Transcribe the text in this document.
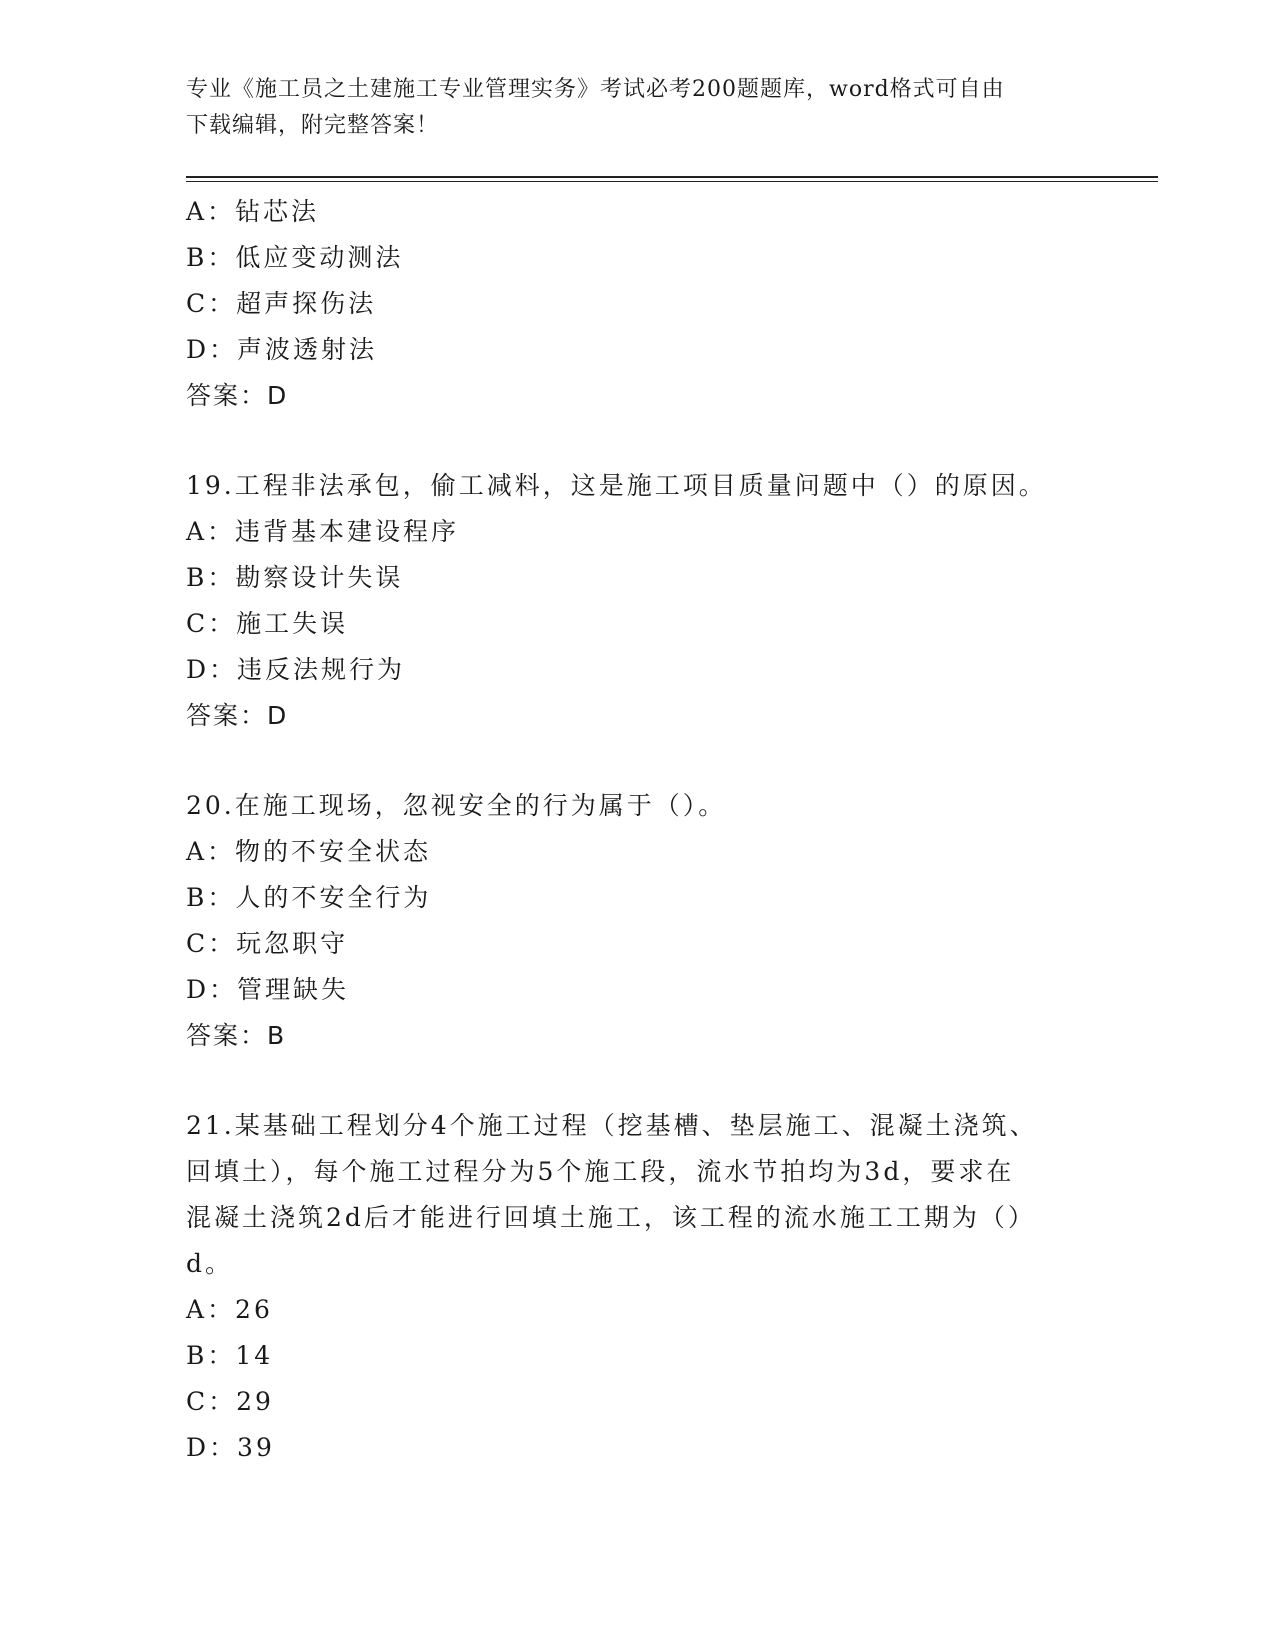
专业《施工员之土建施工专业管理实务》考试必考200题题库，word格式可自由
下载编辑，附完整答案！
A：钻芯法
B：低应变动测法
C：超声探伤法
D：声波透射法
答案：D
19.工程非法承包，偷工减料，这是施工项目质量问题中（）的原因。
A：违背基本建设程序
B：勘察设计失误
C：施工失误
D：违反法规行为
答案：D
20.在施工现场，忽视安全的行为属于（）。
A：物的不安全状态
B：人的不安全行为
C：玩忽职守
D：管理缺失
答案：B
21.某基础工程划分4个施工过程（挖基槽、垫层施工、混凝土浇筑、
回填土），每个施工过程分为5个施工段，流水节拍均为3d，要求在
混凝土浇筑2d后才能进行回填土施工，该工程的流水施工工期为（）
d。
A：26
B：14
C：29
D：39
